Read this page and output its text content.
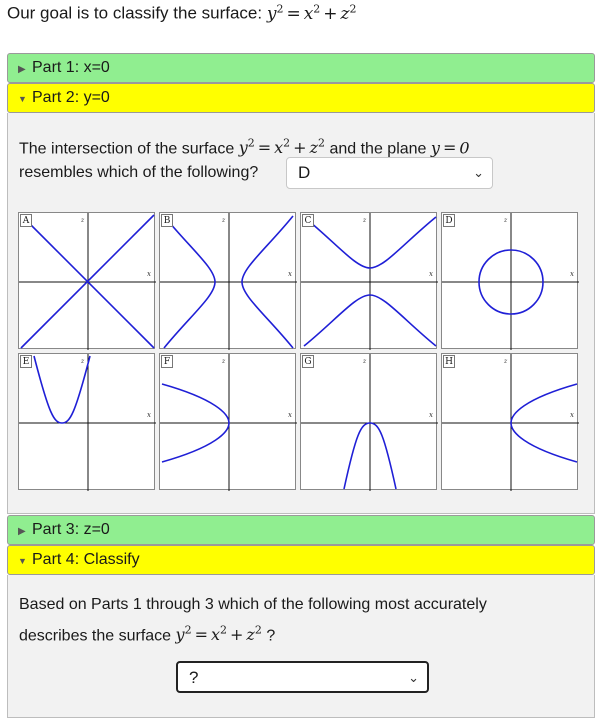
Our goal is to classify the surface: $y^2 = x^2 + z^2$
▶ Part 1: x=0
▼ Part 2: y=0
The intersection of the surface $y^2 = x^2 + z^2$ and the plane y = 0
resembles which of the following?	D	⌄
z
x
A	z
x
B	z
x
C	z
x
D
z
x
E	z
x
F	z
x
G	z
x
H
▶ Part 3: z=0
▼ Part 4: Classify
Based on Parts 1 through 3 which of the following most accurately
describes the surface $y^2 = x^2 + z^2$ ?
?	⌄
